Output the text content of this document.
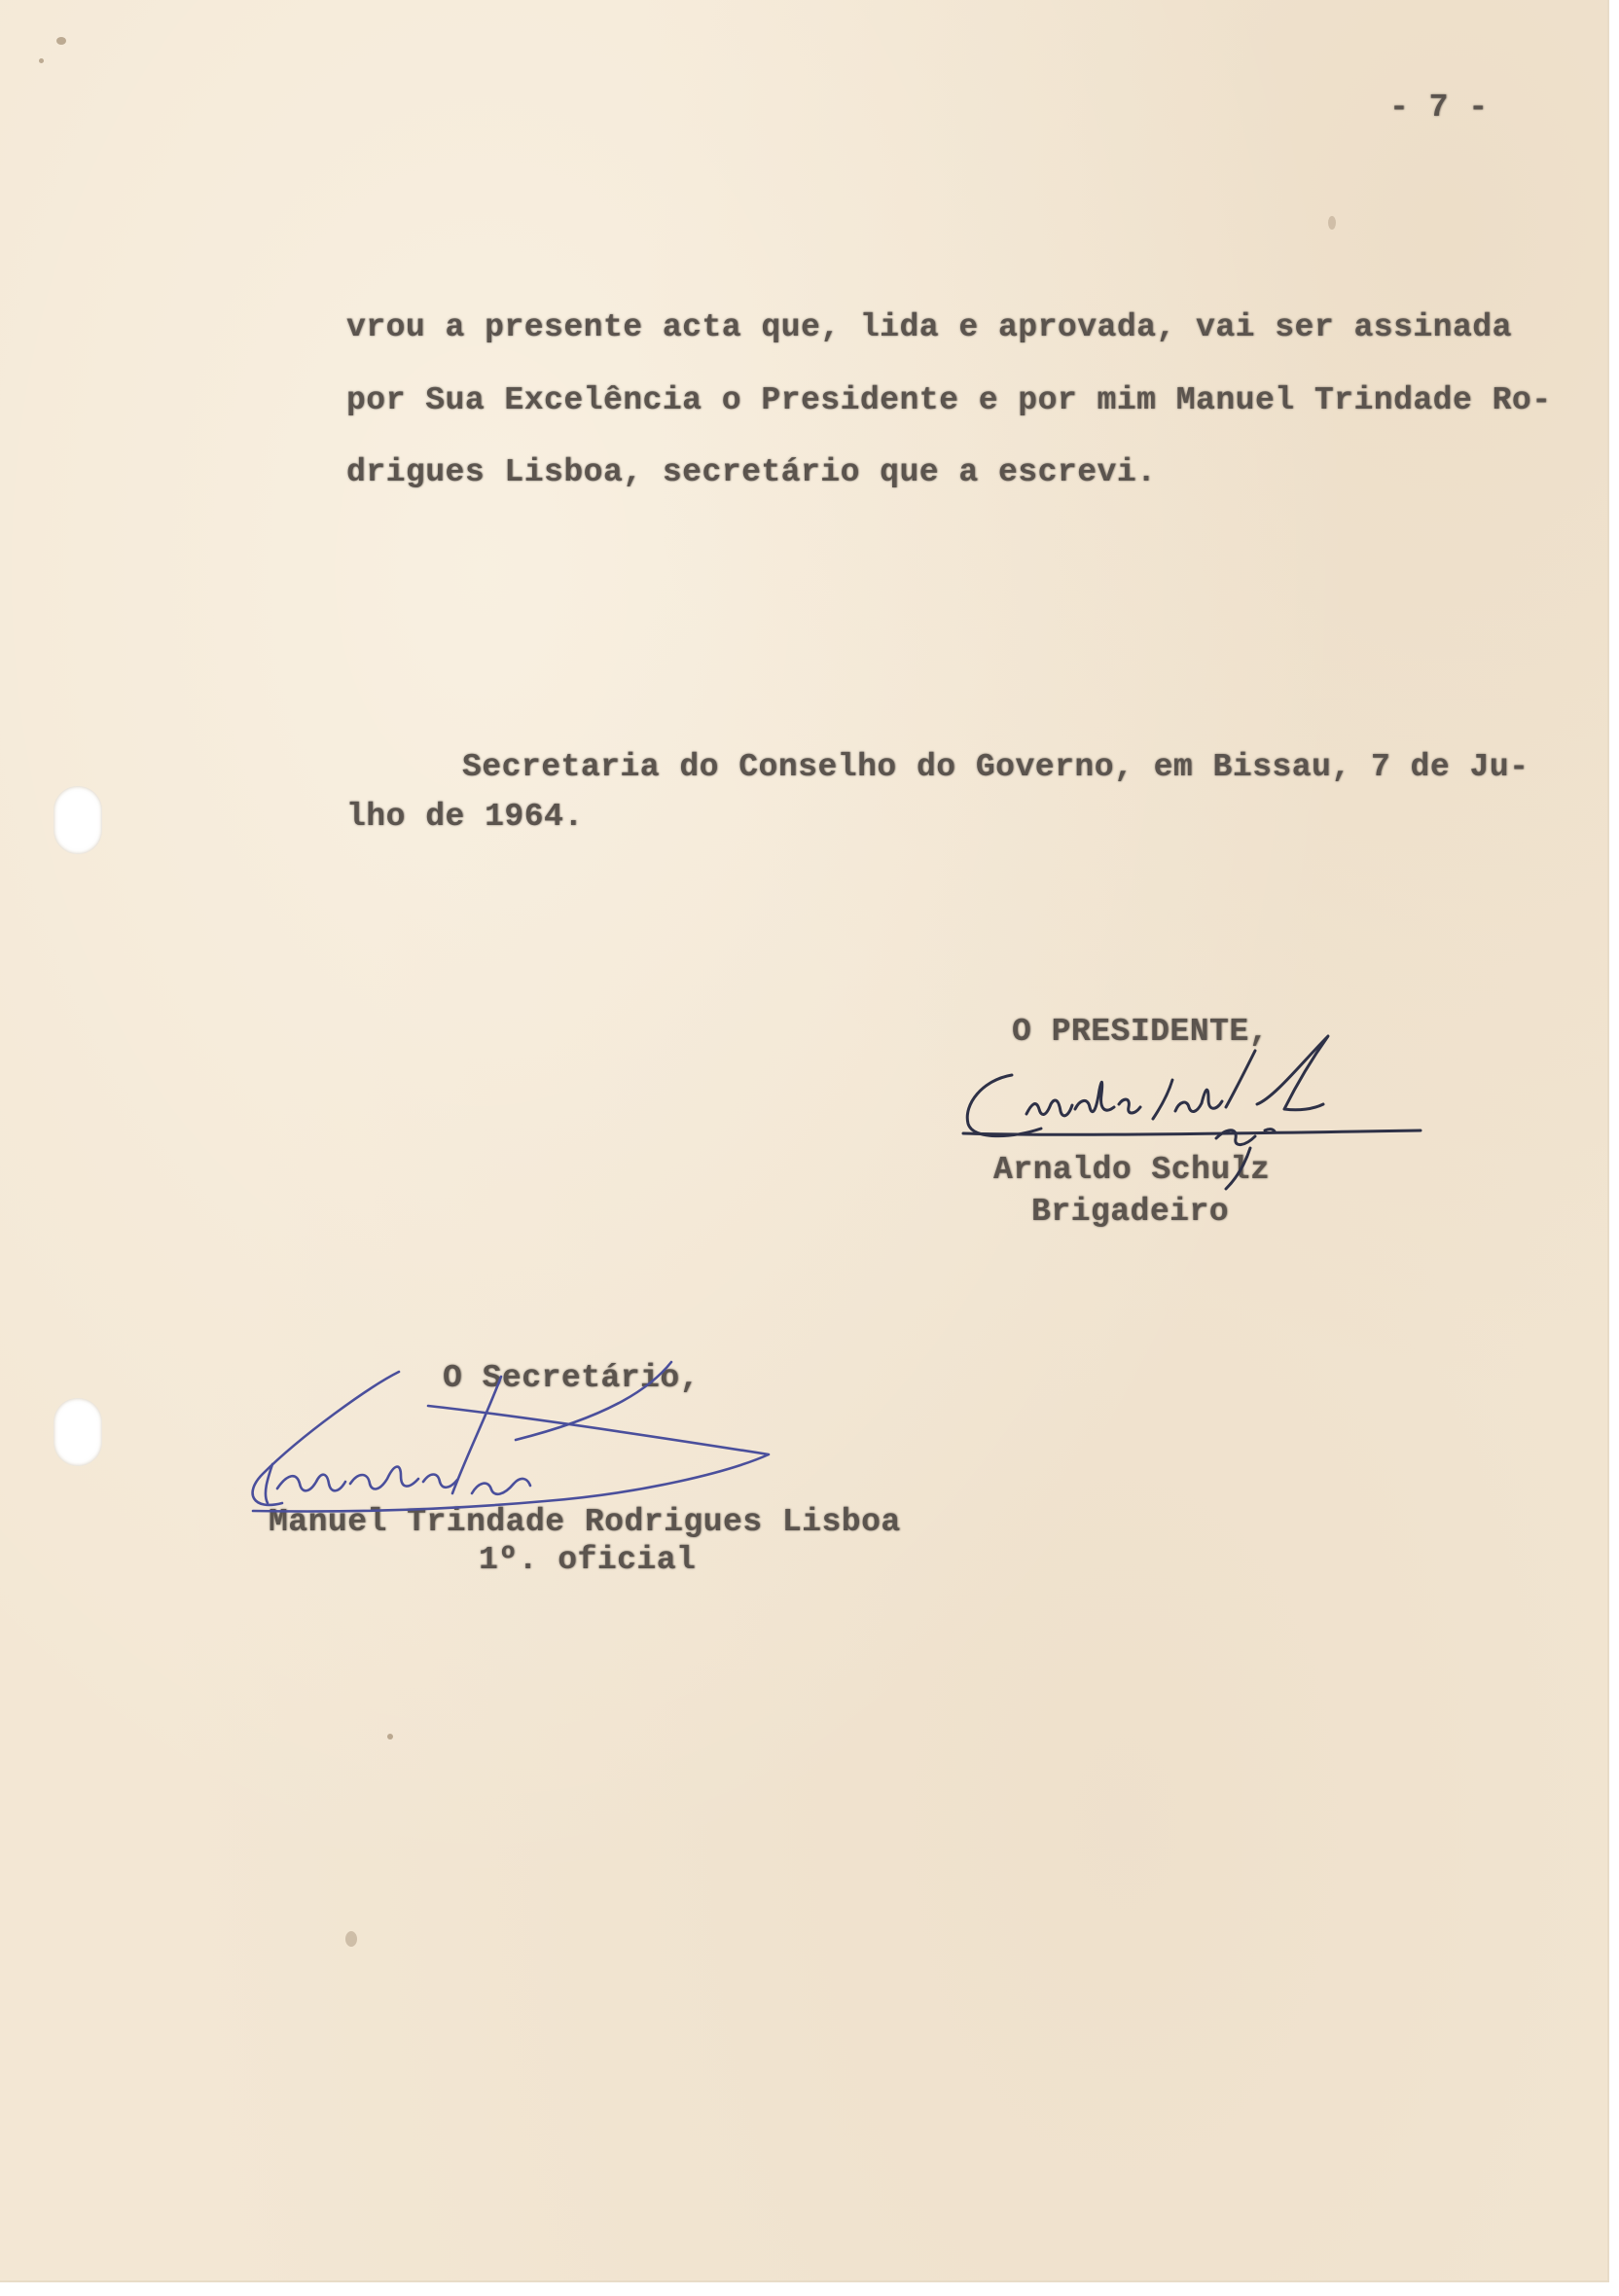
- 7 -
vrou a presente acta que, lida e aprovada, vai ser assinada
por Sua Excelência o Presidente e por mim Manuel Trindade Ro-
drigues Lisboa, secretário que a escrevi.
Secretaria do Conselho do Governo, em Bissau, 7 de Ju-
lho de 1964.
O PRESIDENTE,
Arnaldo Schulz
Brigadeiro
O Secretário,
Manuel Trindade Rodrigues Lisboa
1º. oficial
